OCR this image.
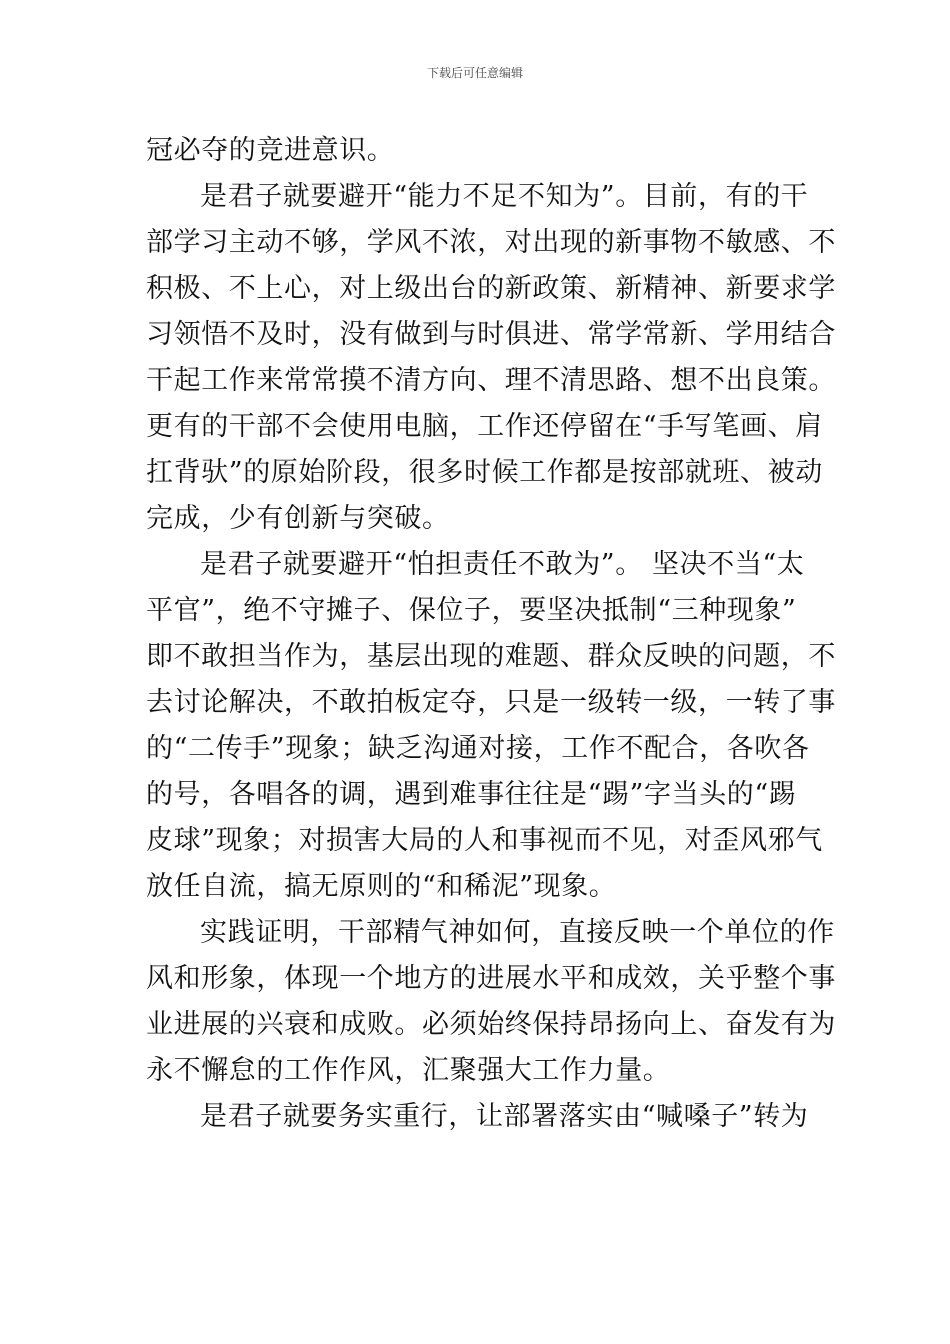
下载后可任意编辑
冠必夺的竞进意识。
是君子就要避开“能力不足不知为”。目前，有的干
部学习主动不够，学风不浓，对出现的新事物不敏感、不
积极、不上心，对上级出台的新政策、新精神、新要求学
习领悟不及时，没有做到与时俱进、常学常新、学用结合
干起工作来常常摸不清方向、理不清思路、想不出良策。
更有的干部不会使用电脑，工作还停留在“手写笔画、肩
扛背驮”的原始阶段，很多时候工作都是按部就班、被动
完成，少有创新与突破。
是君子就要避开“怕担责任不敢为”。 坚决不当“太
平官”，绝不守摊子、保位子，要坚决抵制“三种现象”
即不敢担当作为，基层出现的难题、群众反映的问题，不
去讨论解决，不敢拍板定夺，只是一级转一级，一转了事
的“二传手”现象；缺乏沟通对接，工作不配合，各吹各
的号，各唱各的调，遇到难事往往是“踢”字当头的“踢
皮球”现象；对损害大局的人和事视而不见，对歪风邪气
放任自流，搞无原则的“和稀泥”现象。
实践证明，干部精气神如何，直接反映一个单位的作
风和形象，体现一个地方的进展水平和成效，关乎整个事
业进展的兴衰和成败。必须始终保持昂扬向上、奋发有为
永不懈怠的工作作风，汇聚强大工作力量。
是君子就要务实重行，让部署落实由“喊嗓子”转为
